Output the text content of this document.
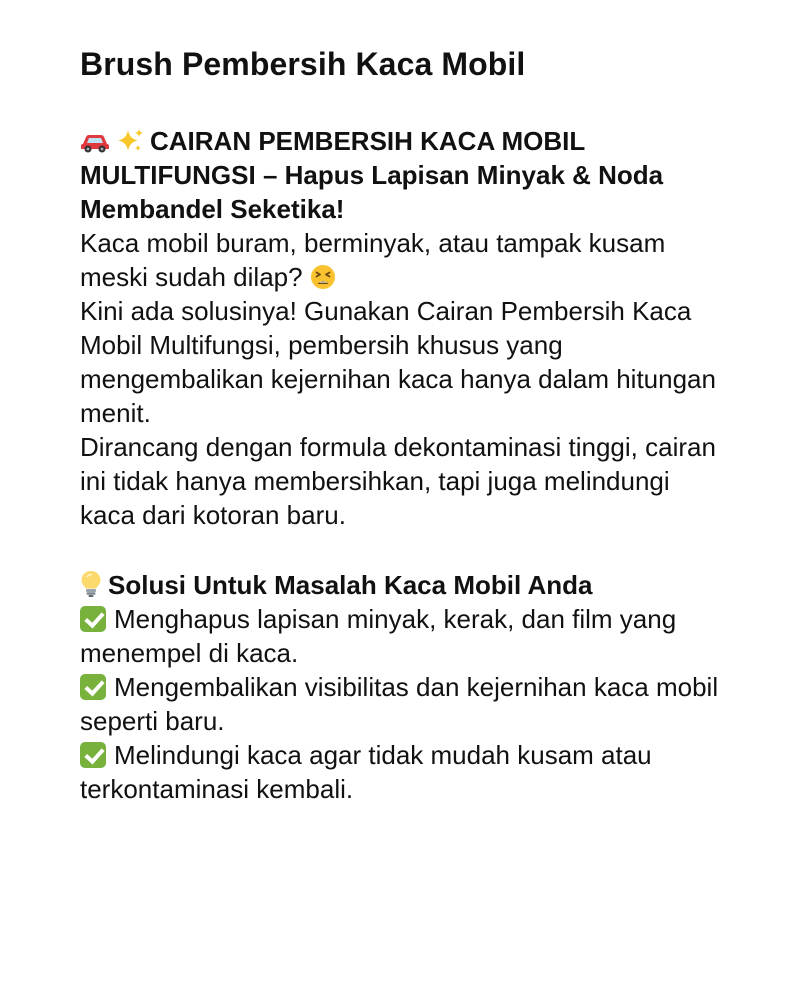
Brush Pembersih Kaca Mobil
CAIRAN PEMBERSIH KACA MOBIL MULTIFUNGSI – Hapus Lapisan Minyak & Noda Membandel Seketika!

Kaca mobil buram, berminyak, atau tampak kusam meski sudah dilap?

Kini ada solusinya! Gunakan Cairan Pembersih Kaca Mobil Multifungsi, pembersih khusus yang mengembalikan kejernihan kaca hanya dalam hitungan menit.

Dirancang dengan formula dekontaminasi tinggi, cairan ini tidak hanya membersihkan, tapi juga melindungi kaca dari kotoran baru.

Solusi Untuk Masalah Kaca Mobil Anda

Menghapus lapisan minyak, kerak, dan film yang menempel di kaca.

Mengembalikan visibilitas dan kejernihan kaca mobil seperti baru.

Melindungi kaca agar tidak mudah kusam atau terkontaminasi kembali.
